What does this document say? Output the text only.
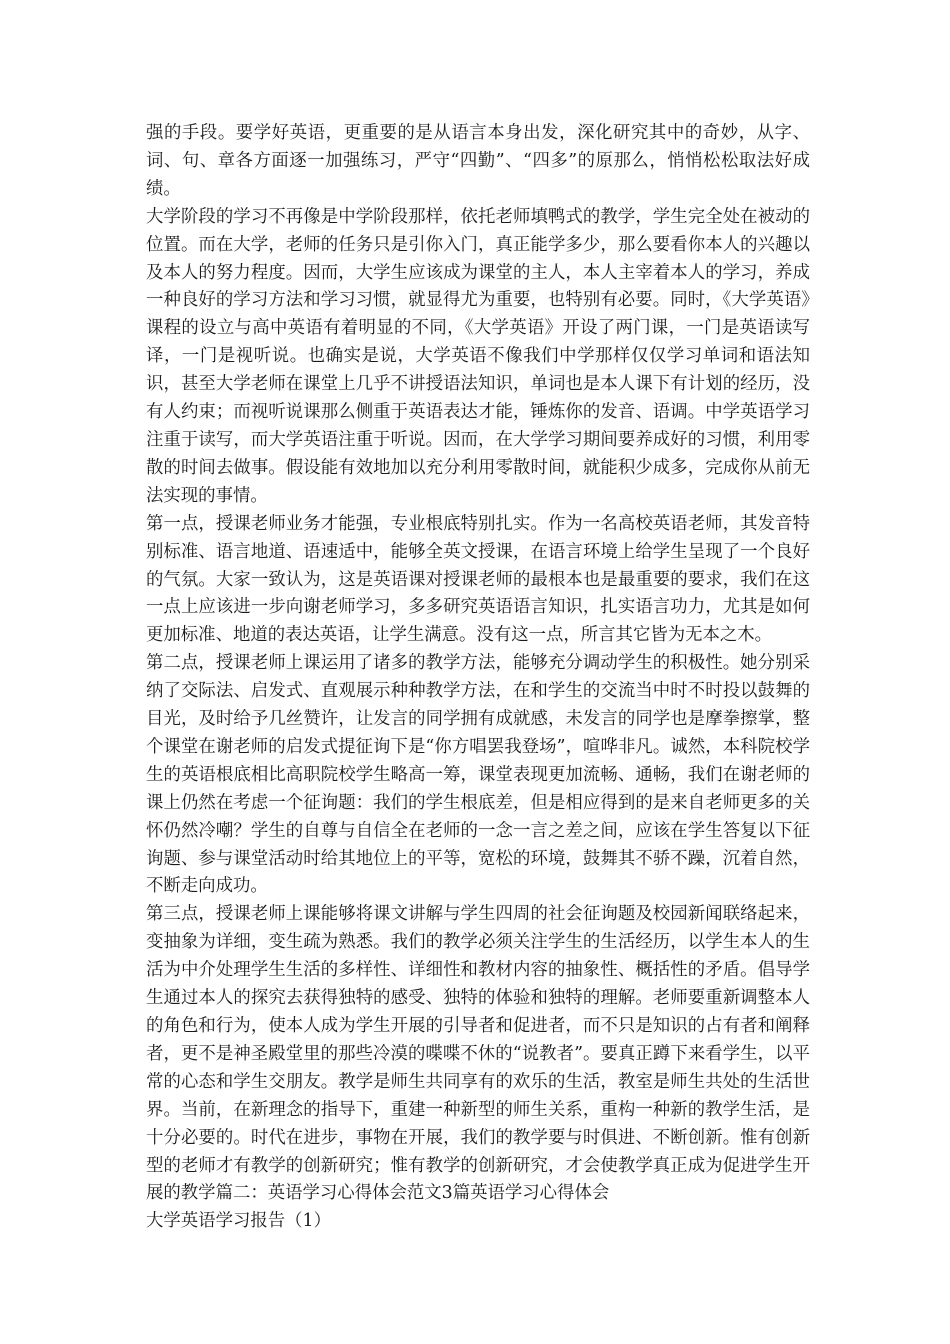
强的手段。要学好英语，更重要的是从语言本身出发，深化研究其中的奇妙，从字、词、句、章各方面逐一加强练习，严守“四勤”、“四多”的原那么，悄悄松松取法好成绩。

大学阶段的学习不再像是中学阶段那样，依托老师填鸭式的教学，学生完全处在被动的位置。而在大学，老师的任务只是引你入门，真正能学多少，那么要看你本人的兴趣以及本人的努力程度。因而，大学生应该成为课堂的主人，本人主宰着本人的学习，养成一种良好的学习方法和学习习惯，就显得尤为重要，也特别有必要。同时，《大学英语》课程的设立与高中英语有着明显的不同，《大学英语》开设了两门课，一门是英语读写译，一门是视听说。也确实是说，大学英语不像我们中学那样仅仅学习单词和语法知识，甚至大学老师在课堂上几乎不讲授语法知识，单词也是本人课下有计划的经历，没有人约束；而视听说课那么侧重于英语表达才能，锤炼你的发音、语调。中学英语学习注重于读写，而大学英语注重于听说。因而，在大学学习期间要养成好的习惯，利用零散的时间去做事。假设能有效地加以充分利用零散时间，就能积少成多，完成你从前无法实现的事情。

第一点，授课老师业务才能强，专业根底特别扎实。作为一名高校英语老师，其发音特别标准、语言地道、语速适中，能够全英文授课，在语言环境上给学生呈现了一个良好的气氛。大家一致认为，这是英语课对授课老师的最根本也是最重要的要求，我们在这一点上应该进一步向谢老师学习，多多研究英语语言知识，扎实语言功力，尤其是如何更加标准、地道的表达英语，让学生满意。没有这一点，所言其它皆为无本之木。

第二点，授课老师上课运用了诸多的教学方法，能够充分调动学生的积极性。她分别采纳了交际法、启发式、直观展示种种教学方法，在和学生的交流当中时不时投以鼓舞的目光，及时给予几丝赞许，让发言的同学拥有成就感，未发言的同学也是摩拳擦掌，整个课堂在谢老师的启发式提征询下是“你方唱罢我登场”，喧哗非凡。诚然，本科院校学生的英语根底相比高职院校学生略高一筹，课堂表现更加流畅、通畅，我们在谢老师的课上仍然在考虑一个征询题：我们的学生根底差，但是相应得到的是来自老师更多的关怀仍然冷嘲？学生的自尊与自信全在老师的一念一言之差之间，应该在学生答复以下征询题、参与课堂活动时给其地位上的平等，宽松的环境，鼓舞其不骄不躁，沉着自然，不断走向成功。

第三点，授课老师上课能够将课文讲解与学生四周的社会征询题及校园新闻联络起来，变抽象为详细，变生疏为熟悉。我们的教学必须关注学生的生活经历，以学生本人的生活为中介处理学生生活的多样性、详细性和教材内容的抽象性、概括性的矛盾。倡导学生通过本人的探究去获得独特的感受、独特的体验和独特的理解。老师要重新调整本人的角色和行为，使本人成为学生开展的引导者和促进者，而不只是知识的占有者和阐释者，更不是神圣殿堂里的那些冷漠的喋喋不休的“说教者”。要真正蹲下来看学生，以平常的心态和学生交朋友。教学是师生共同享有的欢乐的生活，教室是师生共处的生活世界。当前，在新理念的指导下，重建一种新型的师生关系，重构一种新的教学生活，是十分必要的。时代在进步，事物在开展，我们的教学要与时俱进、不断创新。惟有创新型的老师才有教学的创新研究；惟有教学的创新研究，才会使教学真正成为促进学生开展的教学篇二：英语学习心得体会范文3篇英语学习心得体会

大学英语学习报告（1）
